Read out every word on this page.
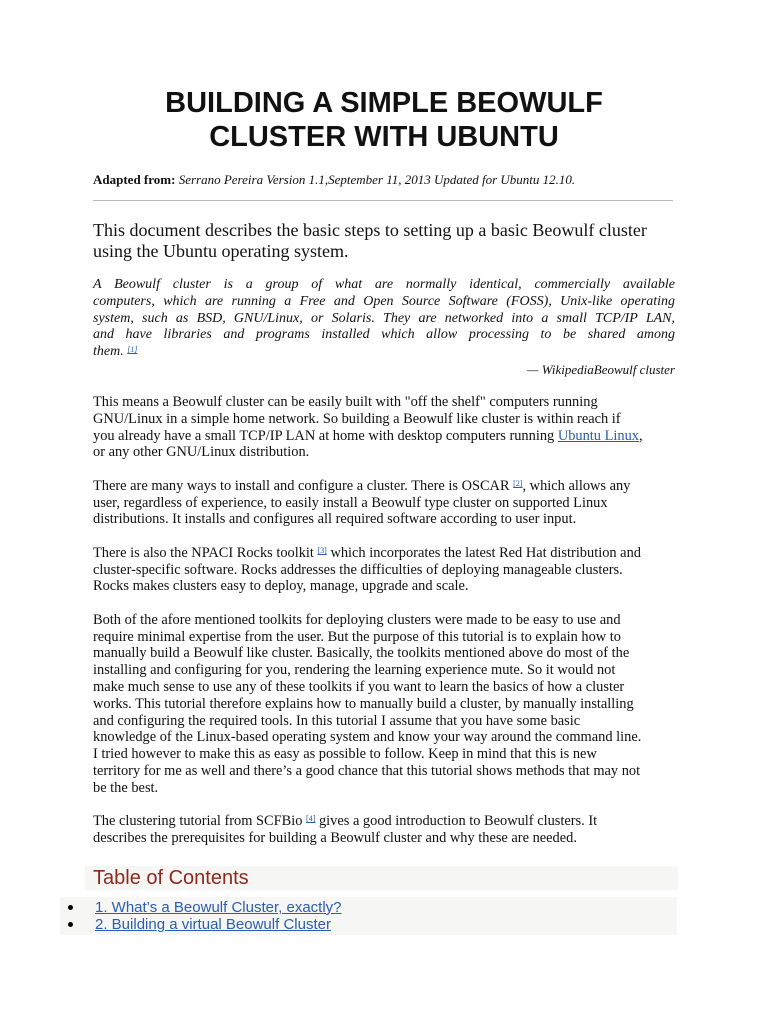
BUILDING A SIMPLE BEOWULF
CLUSTER WITH UBUNTU
Adapted from: Serrano Pereira Version 1.1,September 11, 2013 Updated for Ubuntu 12.10.
This document describes the basic steps to setting up a basic Beowulf cluster
using the Ubuntu operating system.
A Beowulf cluster is a group of what are normally identical, commercially available
computers, which are running a Free and Open Source Software (FOSS), Unix-like operating
system, such as BSD, GNU/Linux, or Solaris. They are networked into a small TCP/IP LAN,
and have libraries and programs installed which allow processing to be shared among
them. [1]
— WikipediaBeowulf cluster
This means a Beowulf cluster can be easily built with "off the shelf" computers running
GNU/Linux in a simple home network. So building a Beowulf like cluster is within reach if
you already have a small TCP/IP LAN at home with desktop computers running Ubuntu Linux,
or any other GNU/Linux distribution.
There are many ways to install and configure a cluster. There is OSCAR [2], which allows any
user, regardless of experience, to easily install a Beowulf type cluster on supported Linux
distributions. It installs and configures all required software according to user input.
There is also the NPACI Rocks toolkit [3] which incorporates the latest Red Hat distribution and
cluster-specific software. Rocks addresses the difficulties of deploying manageable clusters.
Rocks makes clusters easy to deploy, manage, upgrade and scale.
Both of the afore mentioned toolkits for deploying clusters were made to be easy to use and
require minimal expertise from the user. But the purpose of this tutorial is to explain how to
manually build a Beowulf like cluster. Basically, the toolkits mentioned above do most of the
installing and configuring for you, rendering the learning experience mute. So it would not
make much sense to use any of these toolkits if you want to learn the basics of how a cluster
works. This tutorial therefore explains how to manually build a cluster, by manually installing
and configuring the required tools. In this tutorial I assume that you have some basic
knowledge of the Linux-based operating system and know your way around the command line.
I tried however to make this as easy as possible to follow. Keep in mind that this is new
territory for me as well and there’s a good chance that this tutorial shows methods that may not
be the best.
The clustering tutorial from SCFBio [4] gives a good introduction to Beowulf clusters. It
describes the prerequisites for building a Beowulf cluster and why these are needed.
Table of Contents
1. What’s a Beowulf Cluster, exactly?
2. Building a virtual Beowulf Cluster
